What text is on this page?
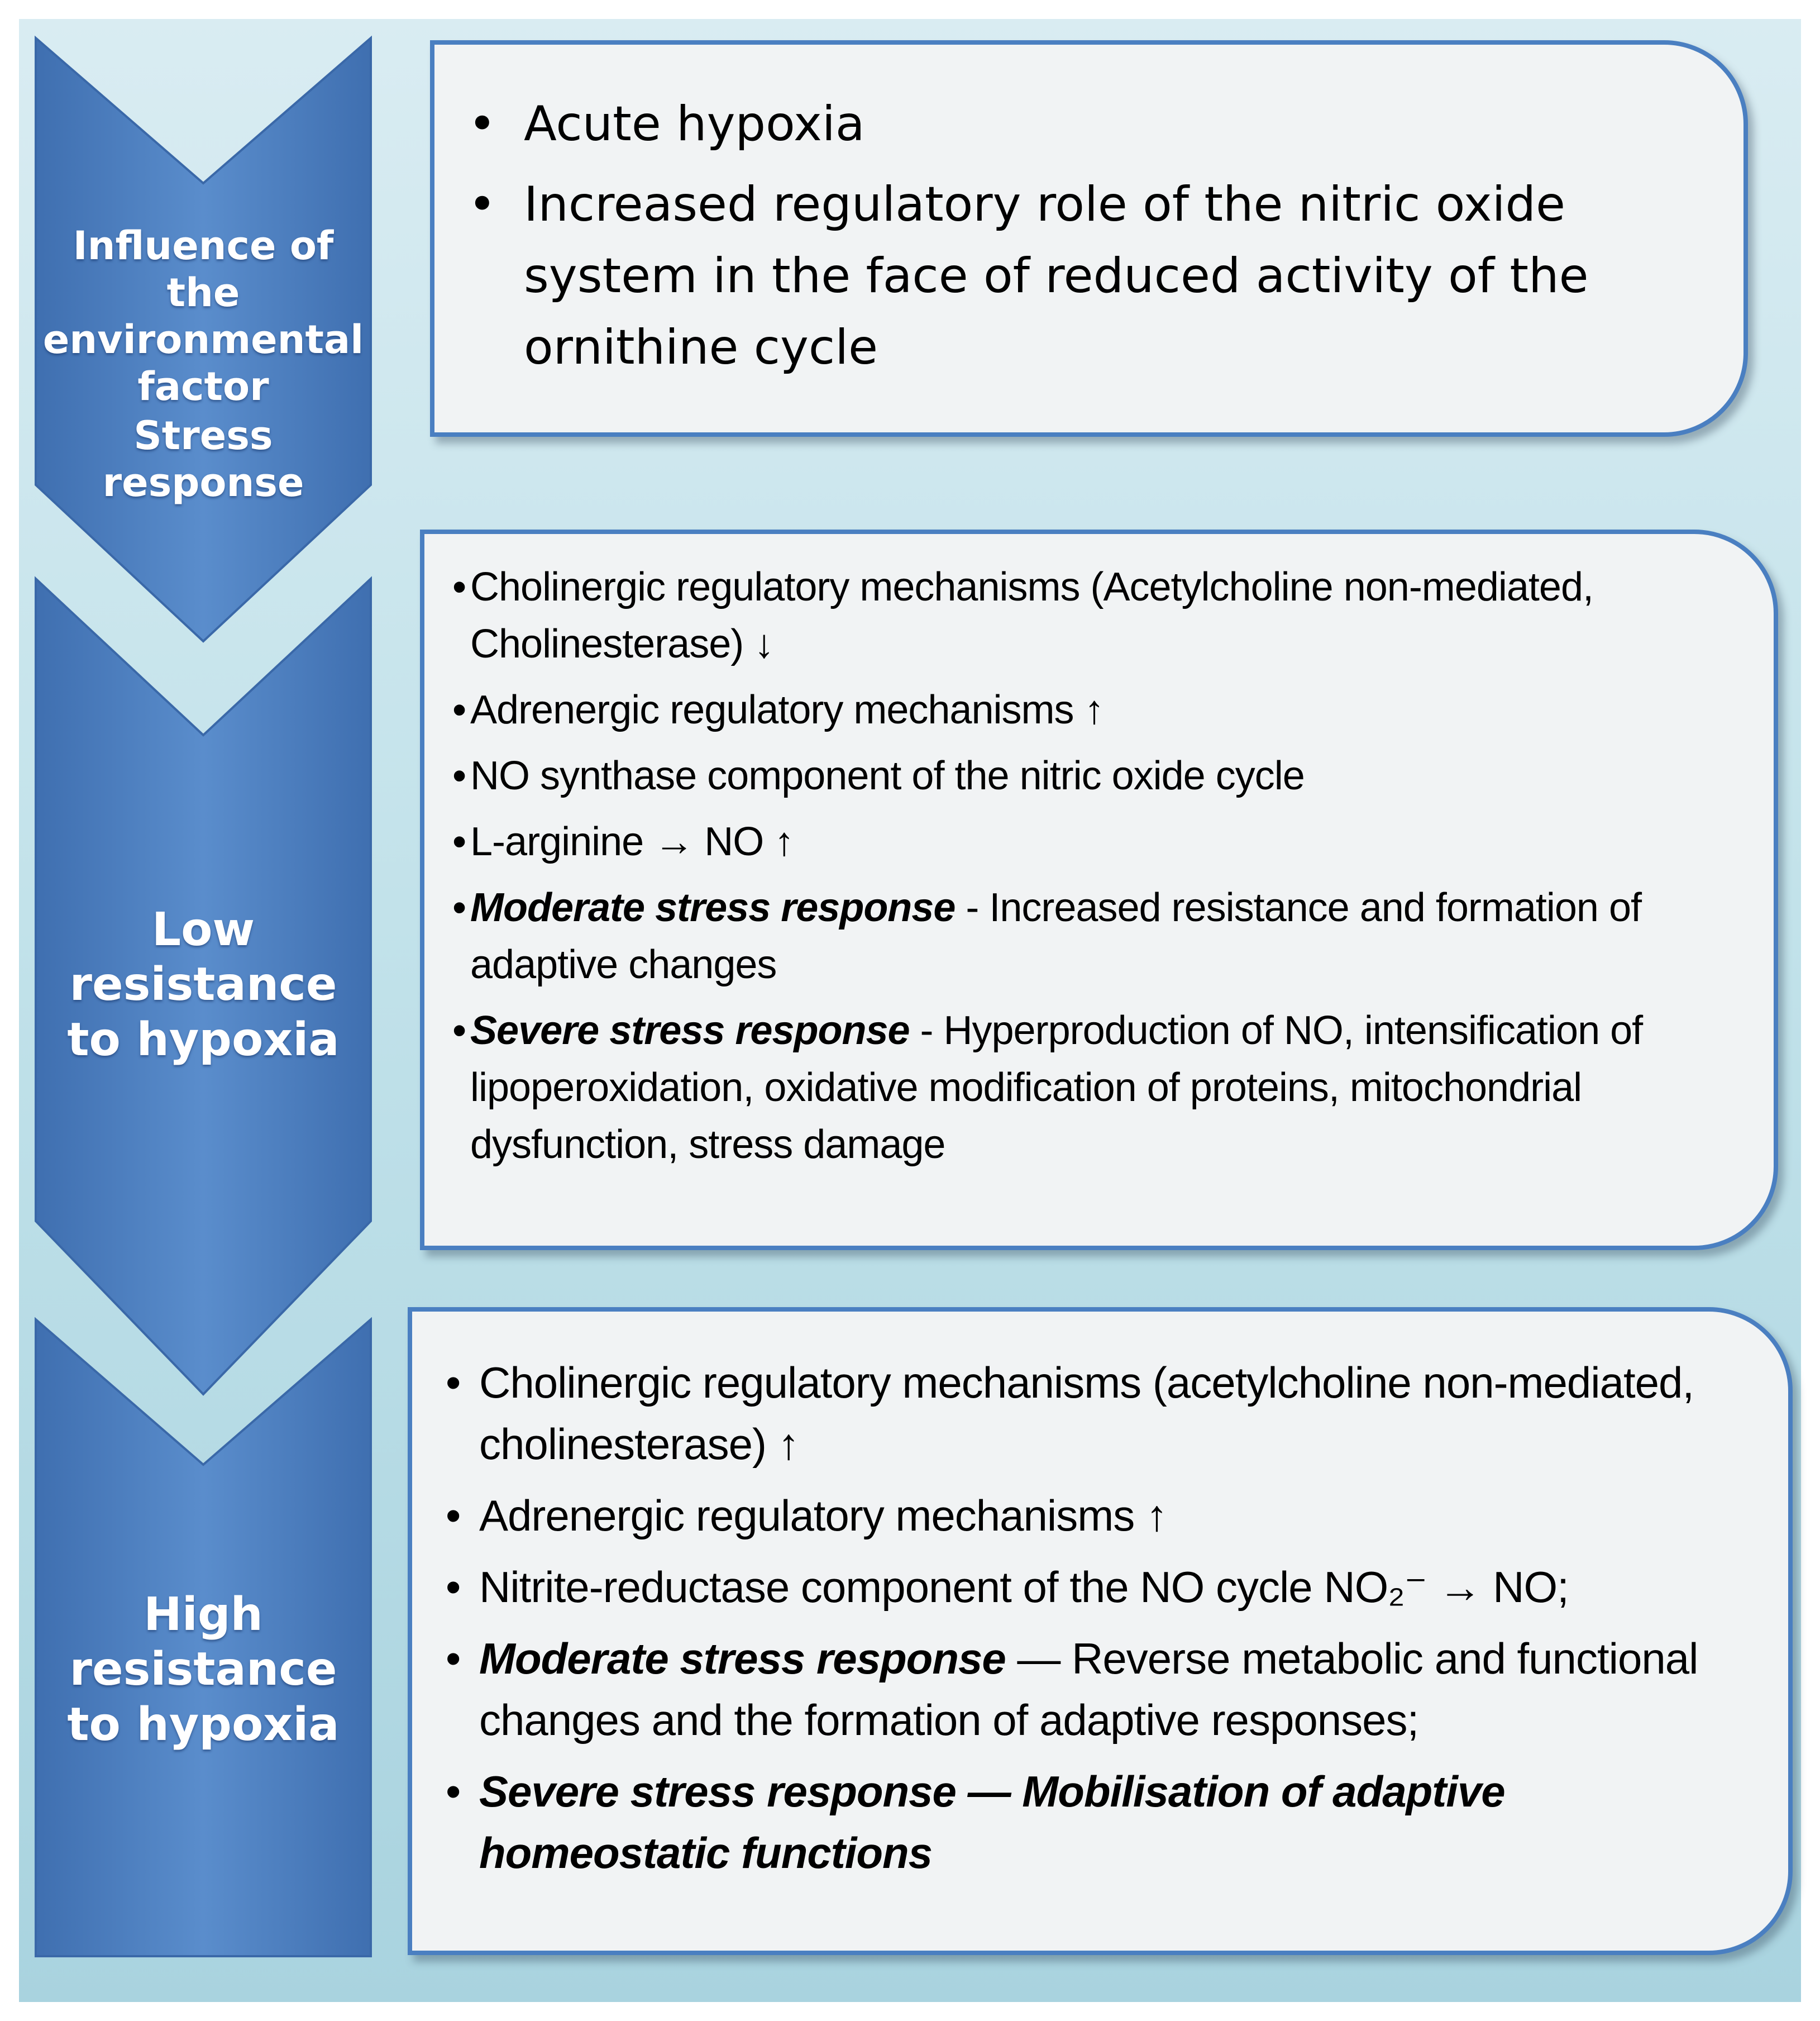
Influence of the
environmental
factor
Stress response
Low resistance
to hypoxia
High resistance
to hypoxia
• Acute hypoxia
• Increased regulatory role of the nitric oxide system in the face of reduced activity of the ornithine cycle
• Cholinergic regulatory mechanisms (Acetylcholine non-mediated, Cholinesterase) ↓
• Adrenergic regulatory mechanisms ↑
• NO synthase component of the nitric oxide cycle
• L-arginine → NO ↑
• Moderate stress response - Increased resistance and formation of adaptive changes
• Severe stress response - Hyperproduction of NO, intensification of lipoperoxidation, oxidative modification of proteins, mitochondrial dysfunction, stress damage
• Cholinergic regulatory mechanisms (acetylcholine non-mediated, cholinesterase) ↑
• Adrenergic regulatory mechanisms ↑
• Nitrite-reductase component of the NO cycle NO₂⁻ → NO;
• Moderate stress response — Reverse metabolic and functional changes and the formation of adaptive responses;
• Severe stress response — Mobilisation of adaptive homeostatic functions
